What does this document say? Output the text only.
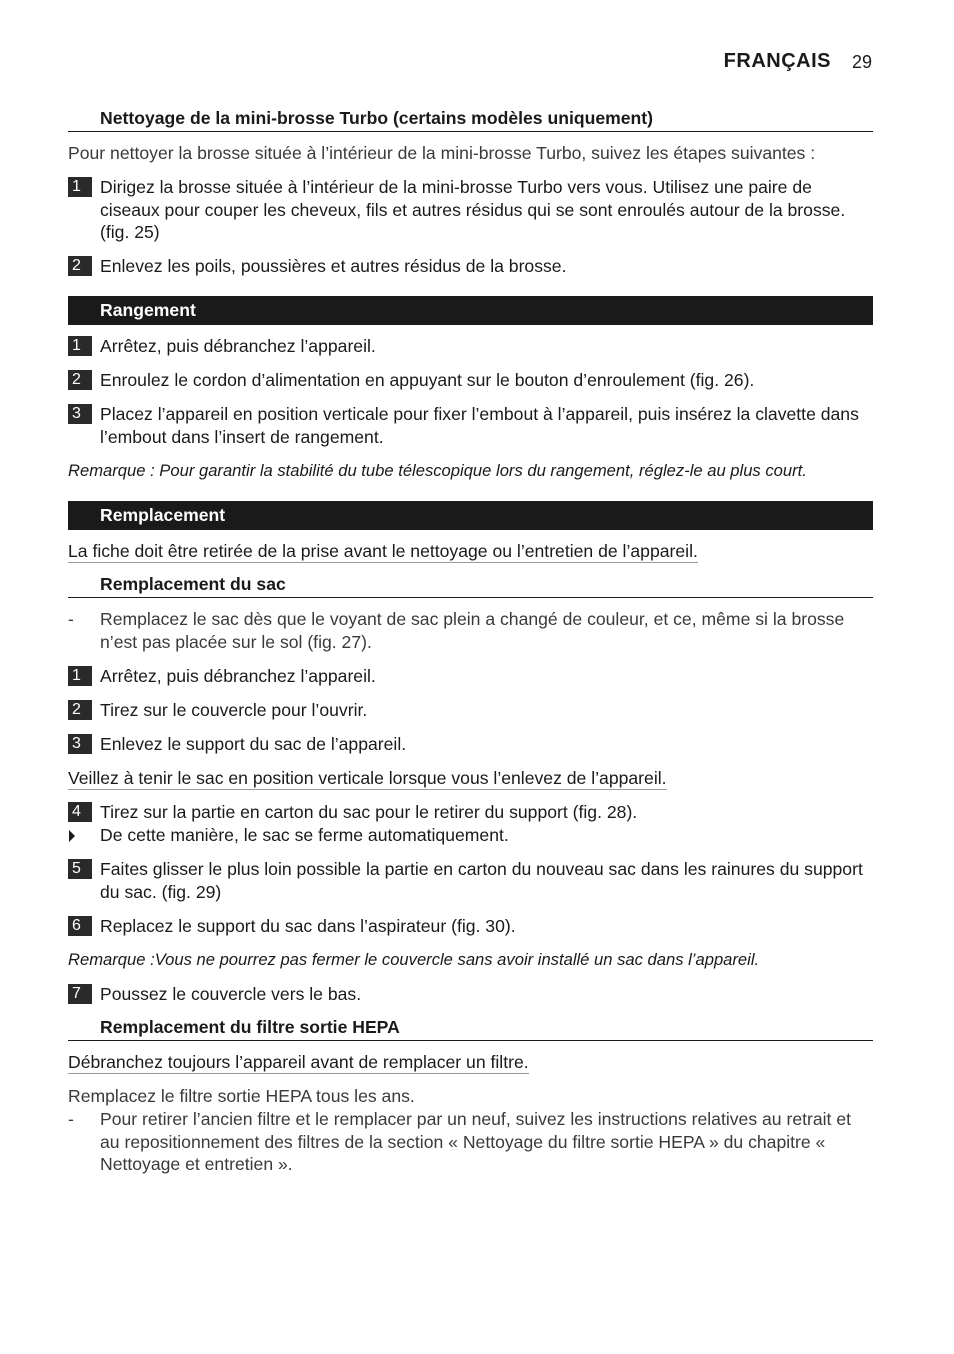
FRANÇAIS 29
Nettoyage de la mini-brosse Turbo (certains modèles uniquement)
Pour nettoyer la brosse située à l’intérieur de la mini-brosse Turbo, suivez les étapes suivantes :
1	Dirigez la brosse située à l’intérieur de la mini-brosse Turbo vers vous. Utilisez une paire de ciseaux pour couper les cheveux, fils et autres résidus qui se sont enroulés autour de la brosse. (fig. 25)
2	Enlevez les poils, poussières et autres résidus de la brosse.
Rangement
1	Arrêtez, puis débranchez l’appareil.
2	Enroulez le cordon d’alimentation en appuyant sur le bouton d’enroulement (fig. 26).
3	Placez l’appareil en position verticale pour fixer l’embout à l’appareil, puis insérez la clavette dans l’embout dans l’insert de rangement.
Remarque : Pour garantir la stabilité du tube télescopique lors du rangement, réglez-le au plus court.
Remplacement
La fiche doit être retirée de la prise avant le nettoyage ou l’entretien de l’appareil.
Remplacement du sac
- Remplacez le sac dès que le voyant de sac plein a changé de couleur, et ce, même si la brosse n’est pas placée sur le sol (fig. 27).
1	Arrêtez, puis débranchez l’appareil.
2	Tirez sur le couvercle pour l’ouvrir.
3	Enlevez le support du sac de l’appareil.
Veillez à tenir le sac en position verticale lorsque vous l’enlevez de l’appareil.
4	Tirez sur la partie en carton du sac pour le retirer du support (fig. 28).
De cette manière, le sac se ferme automatiquement.
5	Faites glisser le plus loin possible la partie en carton du nouveau sac dans les rainures du support du sac. (fig. 29)
6	Replacez le support du sac dans l’aspirateur (fig. 30).
Remarque :Vous ne pourrez pas fermer le couvercle sans avoir installé un sac dans l’appareil.
7	Poussez le couvercle vers le bas.
Remplacement du filtre sortie HEPA
Débranchez toujours l’appareil avant de remplacer un filtre.
Remplacez le filtre sortie HEPA tous les ans.
- Pour retirer l’ancien filtre et le remplacer par un neuf, suivez les instructions relatives au retrait et au repositionnement des filtres de la section « Nettoyage du filtre sortie HEPA » du chapitre « Nettoyage et entretien ».
